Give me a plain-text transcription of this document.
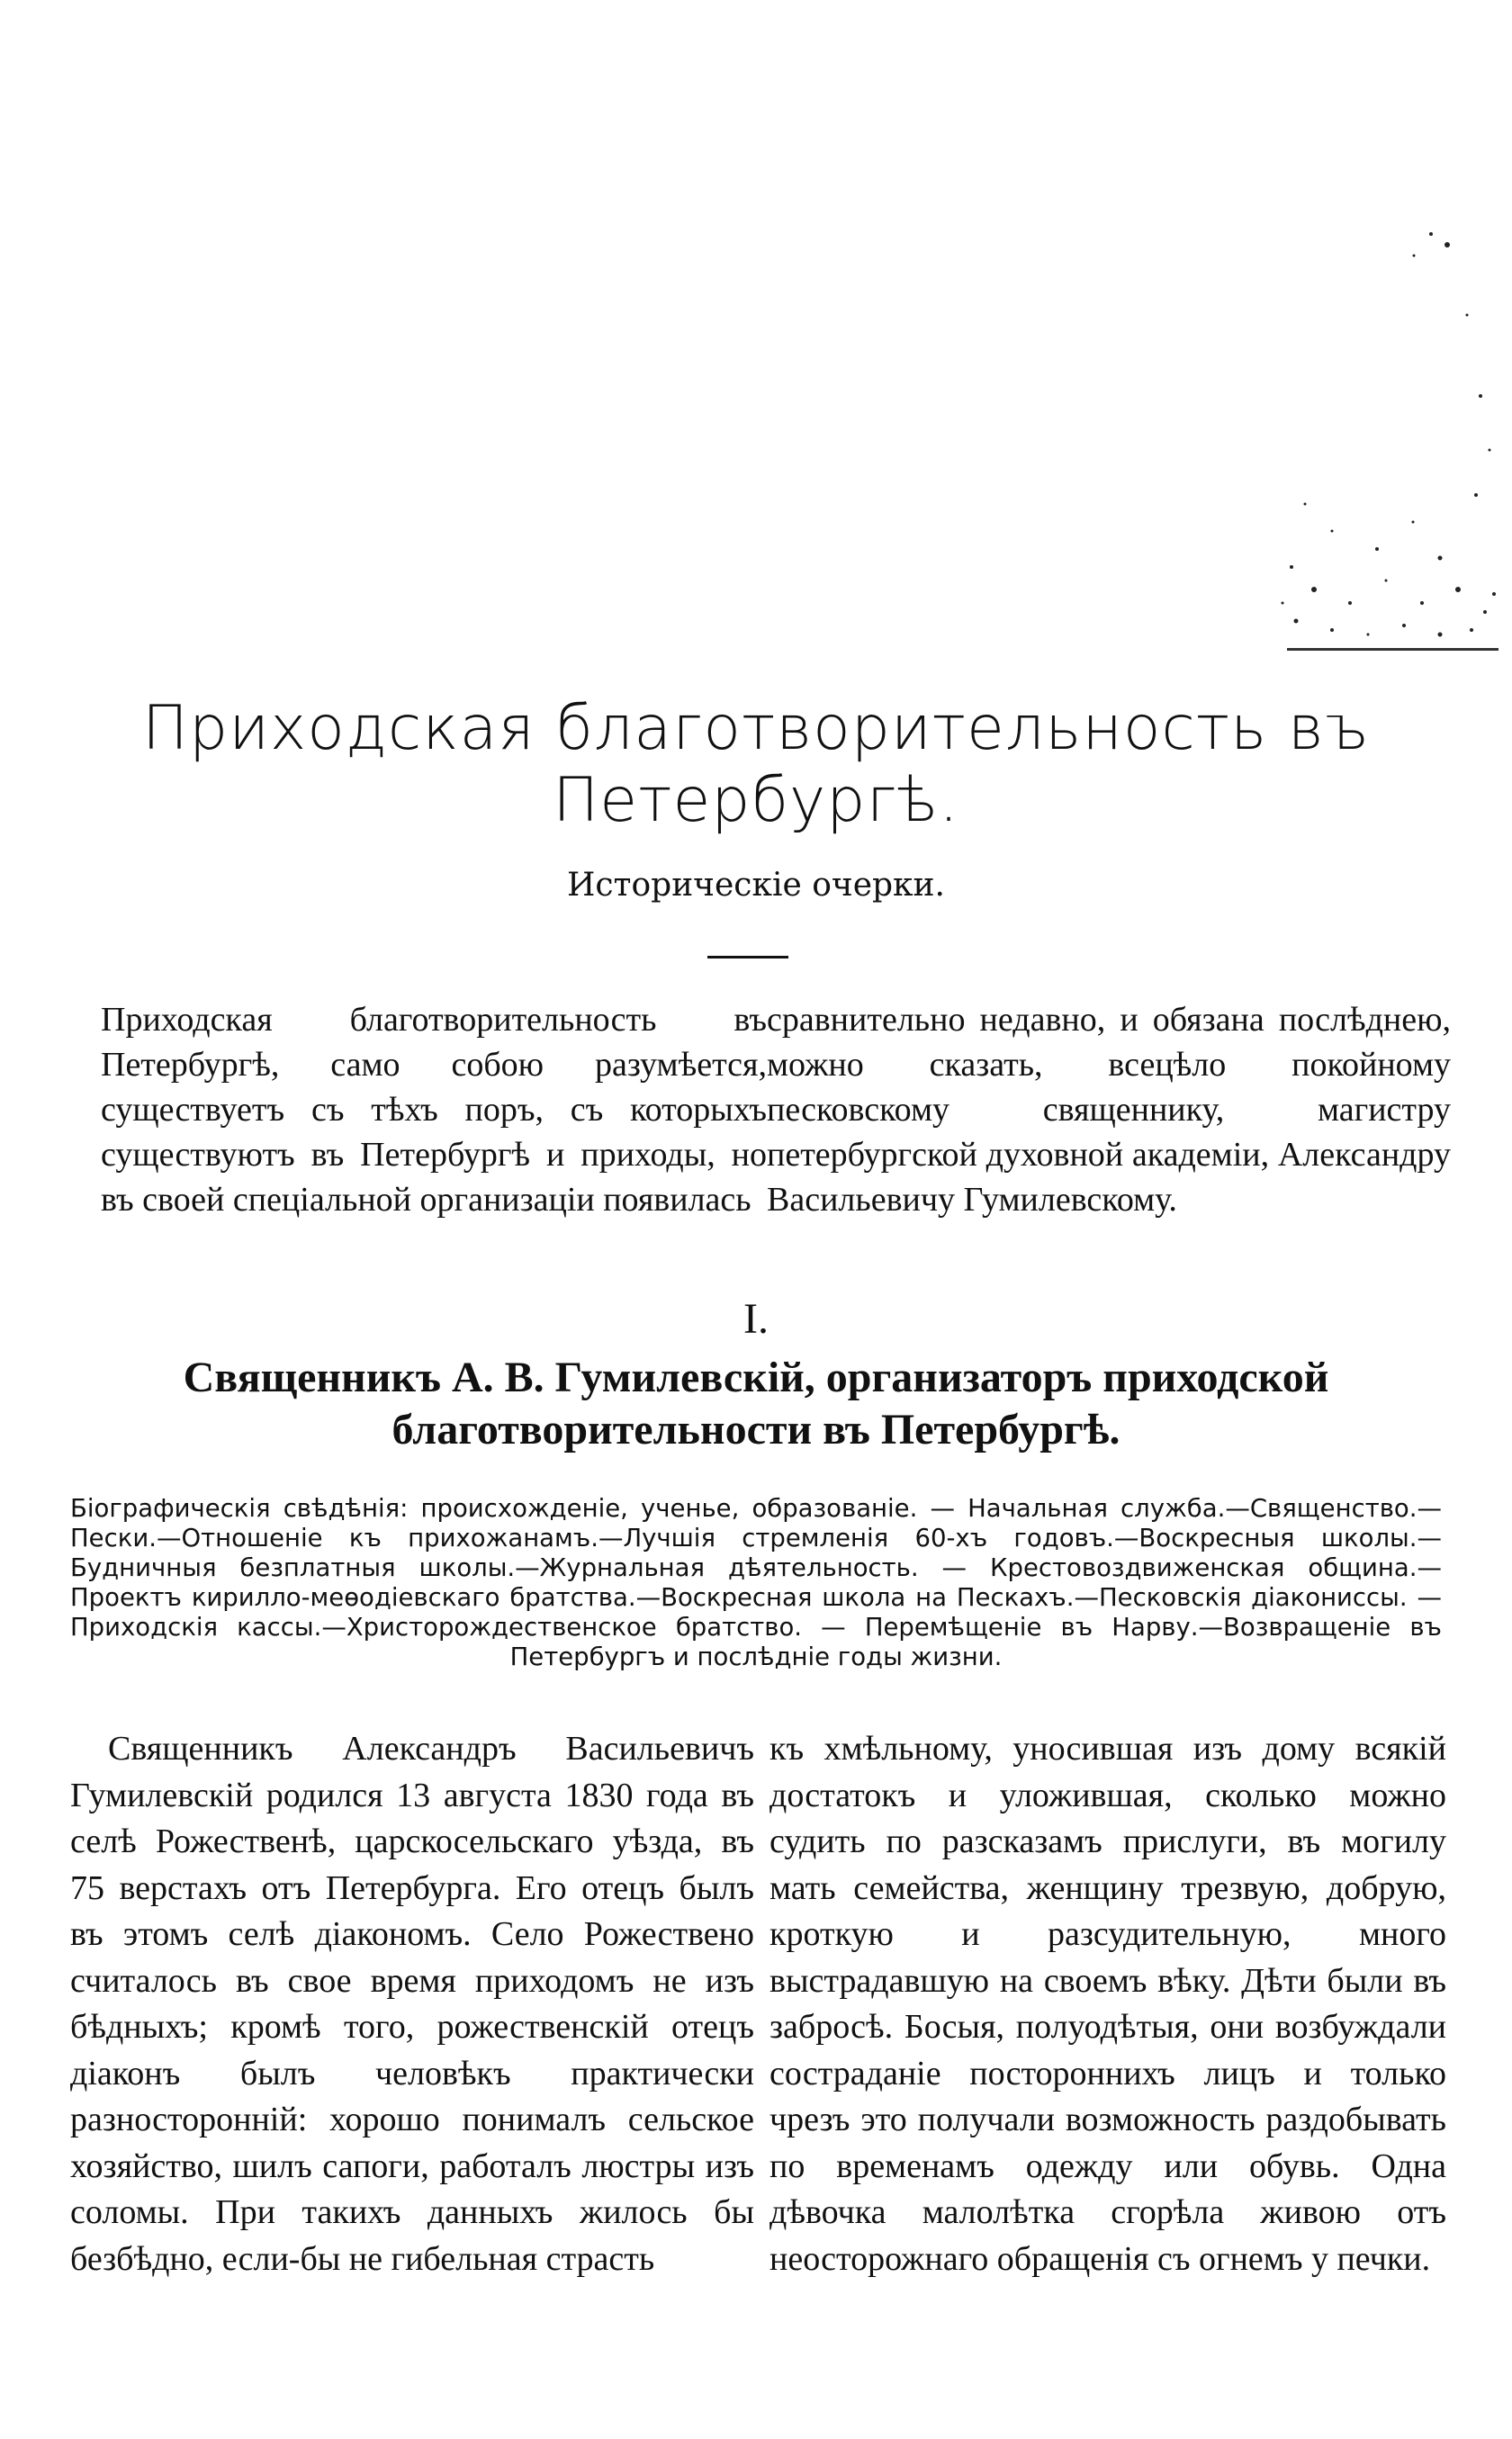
Приходская благотворительность въ
Петербургѣ.

Историческіе очерки.

Приходская благотворительность въ Петербургѣ, само собою разумѣется, существуетъ съ тѣхъ поръ, съ которыхъ существуютъ въ Петербургѣ и приходы, но въ своей спеціальной организаціи появилась

сравнительно недавно, и обязана послѣднею, можно сказать, всецѣло покойному песковскому священнику, магистру петербургской духовной академіи, Александру Васильевичу Гумилевскому.

I.

Священникъ А. В. Гумилевскій, организаторъ приходской благотворительности въ Петербургѣ.

Біографическія свѣдѣнія: происхожденіе, ученье, образованіе. — Начальная служба.—Священство.—Пески.—Отношеніе къ прихожанамъ.—Лучшія стремленія 60-хъ годовъ.—Воскресныя школы.—Будничныя безплатныя школы.—Журнальная дѣятельность. — Крестовоздвиженская община.—Проектъ кирилло-меѳодіевскаго братства.—Воскресная школа на Пескахъ.—Песковскія діакониссы. — Приходскія кассы.—Христорождественское братство. — Перемѣщеніе въ Нарву.—Возвращеніе въ Петербургъ и послѣдніе годы жизни.

Священникъ Александръ Васильевичъ Гумилевскій родился 13 августа 1830 года въ селѣ Рожественѣ, царскосельскаго уѣзда, въ 75 верстахъ отъ Петербурга. Его отецъ былъ въ этомъ селѣ діакономъ. Село Рожествено считалось въ свое время приходомъ не изъ бѣдныхъ; кромѣ того, рожественскій отецъ діаконъ былъ человѣкъ практически разносторонній: хорошо понималъ сельское хозяйство, шилъ сапоги, работалъ люстры изъ соломы. При такихъ данныхъ жилось бы безбѣдно, если-бы не гибельная страсть

къ хмѣльному, уносившая изъ дому всякій достатокъ и уложившая, сколько можно судить по разсказамъ прислуги, въ могилу мать семейства, женщину трезвую, добрую, кроткую и разсудительную, много выстрадавшую на своемъ вѣку. Дѣти были въ забросѣ. Босыя, полуодѣтыя, они возбуждали состраданіе постороннихъ лицъ и только чрезъ это получали возможность раздобывать по временамъ одежду или обувь. Одна дѣвочка малолѣтка сгорѣла живою отъ неосторожнаго обращенія съ огнемъ у печки.
